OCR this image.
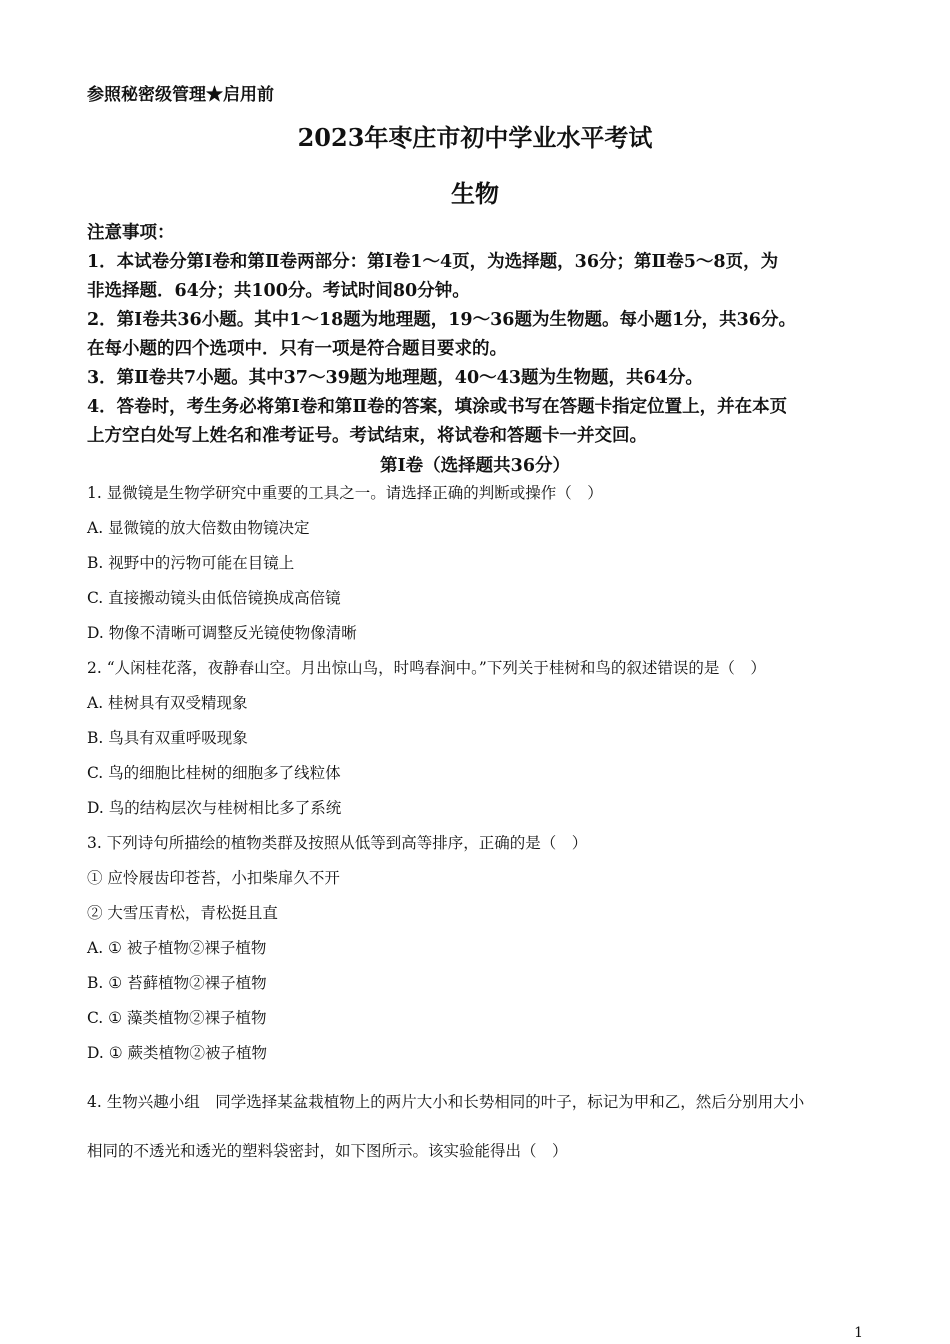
参照秘密级管理★启用前
2023年枣庄市初中学业水平考试
生物
注意事项：
1．本试卷分第Ⅰ卷和第Ⅱ卷两部分：第Ⅰ卷1～4页，为选择题，36分；第Ⅱ卷5～8页，为
非选择题．64分；共100分。考试时间80分钟。
2．第Ⅰ卷共36小题。其中1～18题为地理题，19～36题为生物题。每小题1分，共36分。
在每小题的四个选项中．只有一项是符合题目要求的。
3．第Ⅱ卷共7小题。其中37～39题为地理题，40～43题为生物题，共64分。
4．答卷时，考生务必将第Ⅰ卷和第Ⅱ卷的答案，填涂或书写在答题卡指定位置上，并在本页
上方空白处写上姓名和准考证号。考试结束，将试卷和答题卡一并交回。
第Ⅰ卷（选择题共36分）
1. 显微镜是生物学研究中重要的工具之一。请选择正确的判断或操作（　）
A. 显微镜的放大倍数由物镜决定
B. 视野中的污物可能在目镜上
C. 直接搬动镜头由低倍镜换成高倍镜
D. 物像不清晰可调整反光镜使物像清晰
2. “人闲桂花落，夜静春山空。月出惊山鸟，时鸣春涧中。”下列关于桂树和鸟的叙述错误的是（　）
A. 桂树具有双受精现象
B. 鸟具有双重呼吸现象
C. 鸟的细胞比桂树的细胞多了线粒体
D. 鸟的结构层次与桂树相比多了系统
3. 下列诗句所描绘的植物类群及按照从低等到高等排序，正确的是（　）
① 应怜屐齿印苍苔，小扣柴扉久不开
② 大雪压青松，青松挺且直
A. ① 被子植物②裸子植物
B. ① 苔藓植物②裸子植物
C. ① 藻类植物②裸子植物
D. ① 蕨类植物②被子植物
4. 生物兴趣小组　同学选择某盆栽植物上的两片大小和长势相同的叶子，标记为甲和乙，然后分别用大小
相同的不透光和透光的塑料袋密封，如下图所示。该实验能得出（　）
1
